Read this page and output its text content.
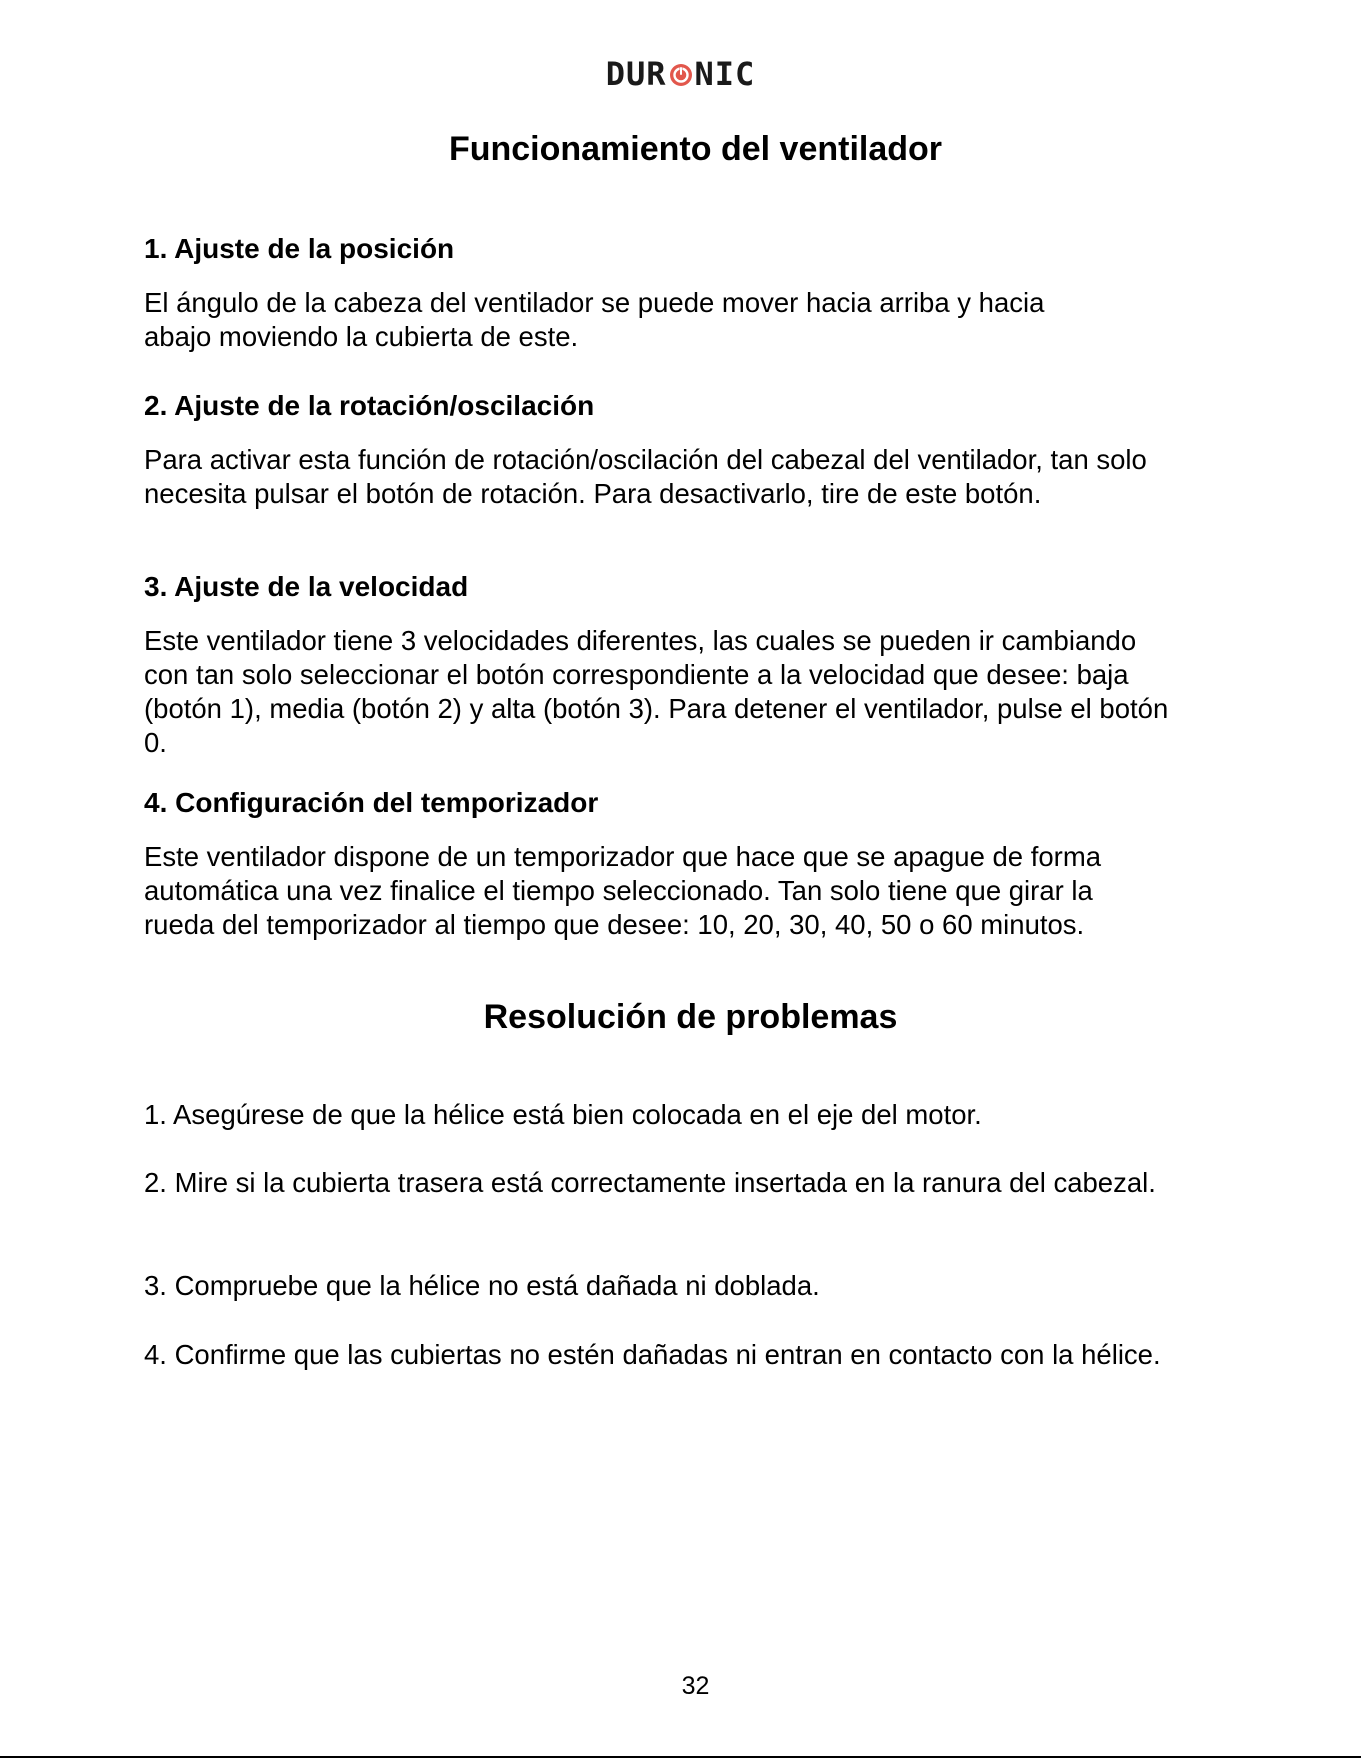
DUR NIC
Funcionamiento del ventilador
1. Ajuste de la posición

El ángulo de la cabeza del ventilador se puede mover hacia arriba y hacia abajo moviendo la cubierta de este.

2. Ajuste de la rotación/oscilación

Para activar esta función de rotación/oscilación del cabezal del ventilador, tan solo necesita pulsar el botón de rotación. Para desactivarlo, tire de este botón.

3. Ajuste de la velocidad

Este ventilador tiene 3 velocidades diferentes, las cuales se pueden ir cambiando con tan solo seleccionar el botón correspondiente a la velocidad que desee: baja (botón 1), media (botón 2) y alta (botón 3). Para detener el ventilador, pulse el botón 0.

4. Configuración del temporizador

Este ventilador dispone de un temporizador que hace que se apague de forma automática una vez finalice el tiempo seleccionado. Tan solo tiene que girar la rueda del temporizador al tiempo que desee: 10, 20, 30, 40, 50 o 60 minutos.

Resolución de problemas

1. Asegúrese de que la hélice está bien colocada en el eje del motor.

2. Mire si la cubierta trasera está correctamente insertada en la ranura del cabezal.

3. Compruebe que la hélice no está dañada ni doblada.

4. Confirme que las cubiertas no estén dañadas ni entran en contacto con la hélice.

32
